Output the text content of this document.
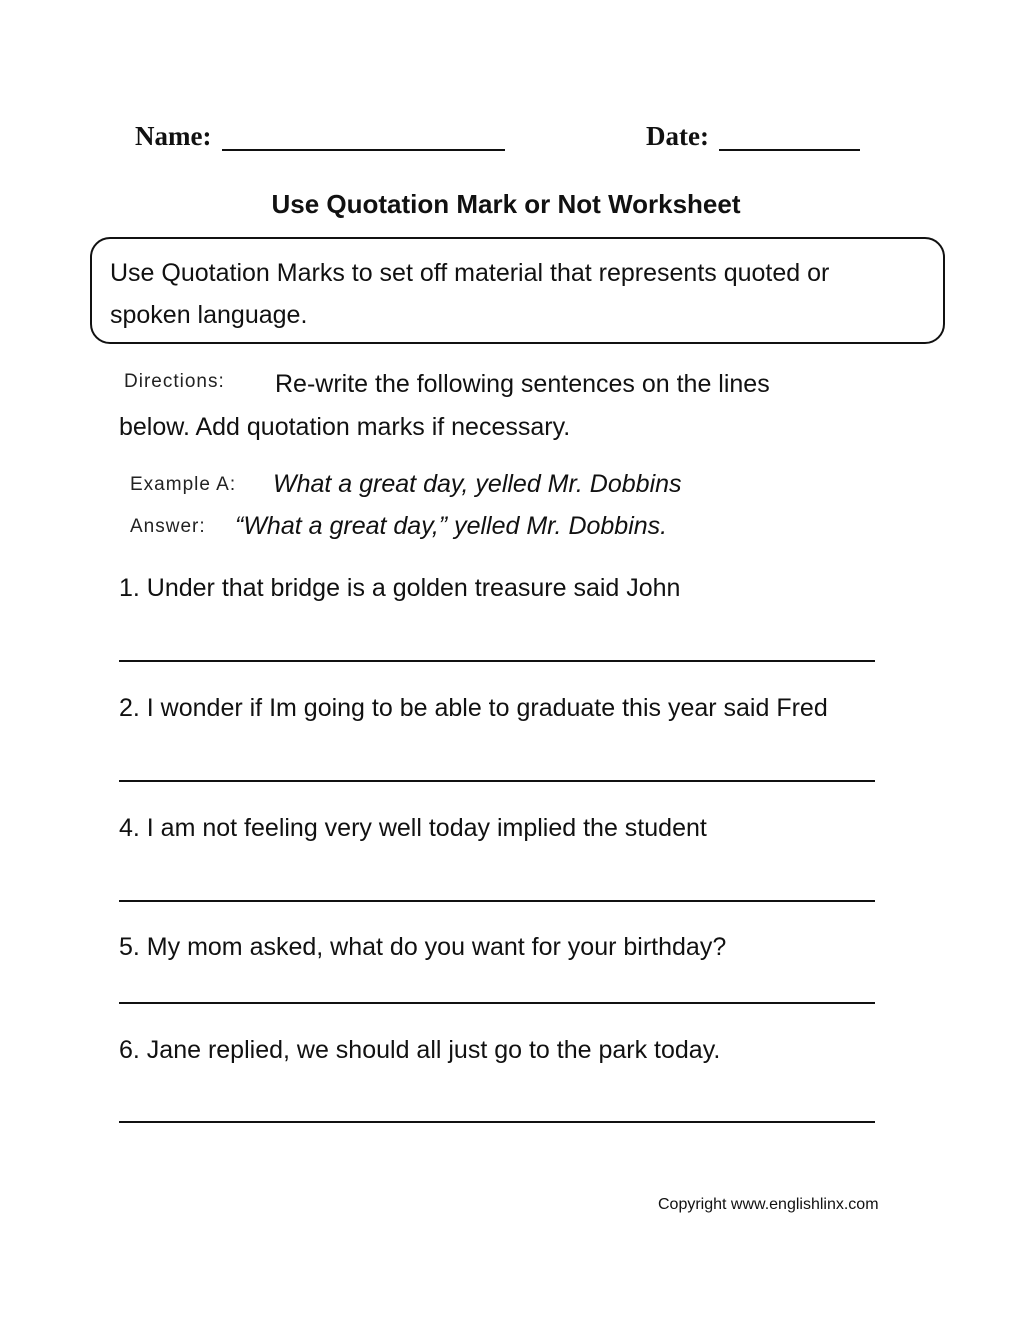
Name:	Date:
Use Quotation Mark or Not Worksheet
Use Quotation Marks to set off material that represents quoted or
spoken language.
Directions: Re-write the following sentences on the lines
below. Add quotation marks if necessary.
Example A: What a great day, yelled Mr. Dobbins
Answer: “What a great day,” yelled Mr. Dobbins.
1. Under that bridge is a golden treasure said John
2. I wonder if Im going to be able to graduate this year said Fred
4. I am not feeling very well today implied the student
5. My mom asked, what do you want for your birthday?
6. Jane replied, we should all just go to the park today.
Copyright www.englishlinx.com
